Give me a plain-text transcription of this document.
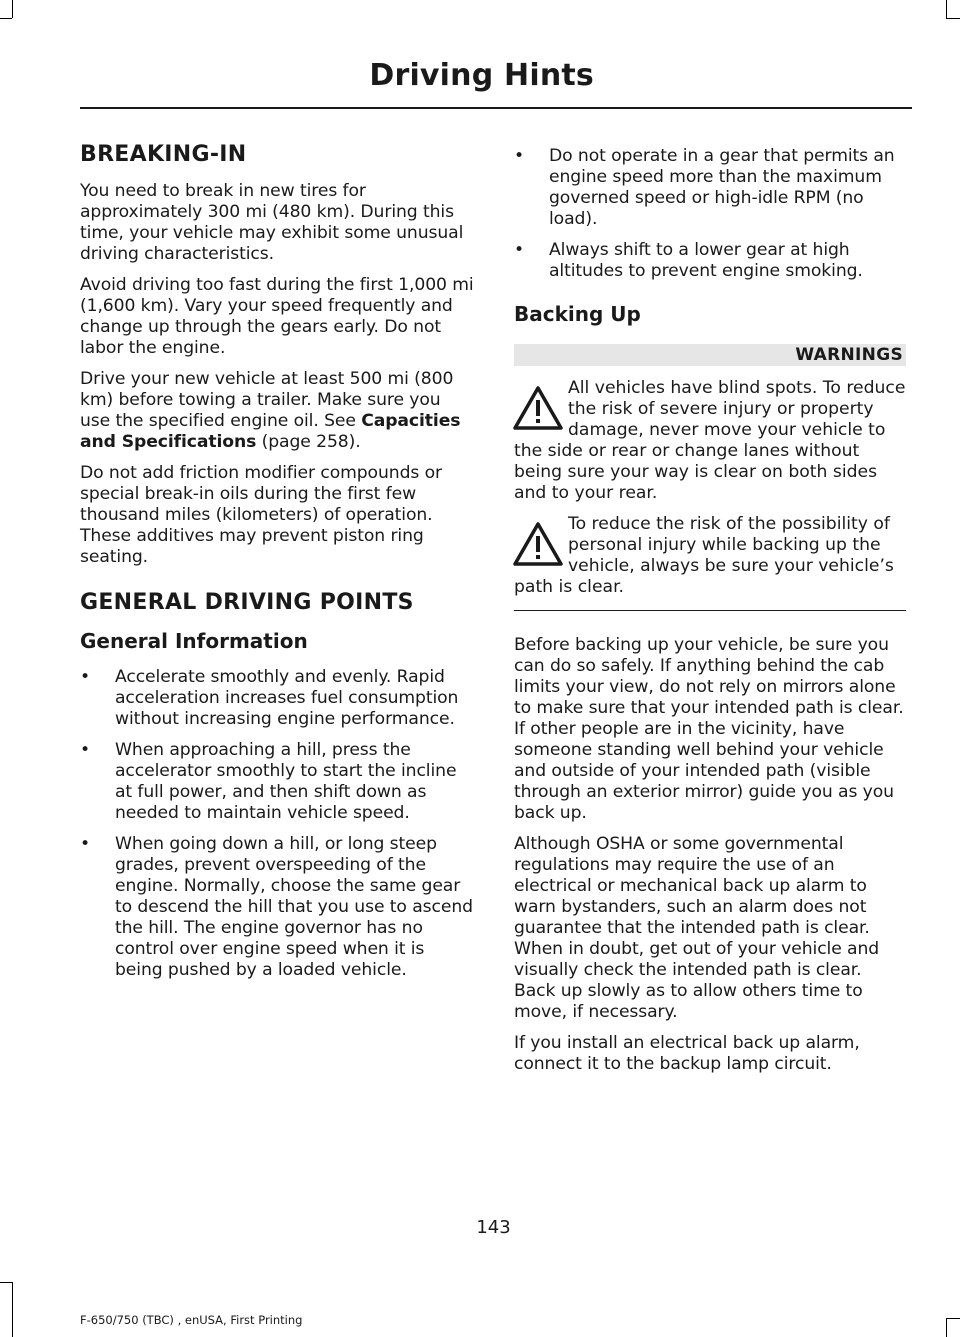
Driving Hints
BREAKING-IN

You need to break in new tires for approximately 300 mi (480 km). During this time, your vehicle may exhibit some unusual driving characteristics.

Avoid driving too fast during the first 1,000 mi (1,600 km). Vary your speed frequently and change up through the gears early. Do not labor the engine.

Drive your new vehicle at least 500 mi (800 km) before towing a trailer. Make sure you use the specified engine oil. See Capacities and Specifications (page 258).

Do not add friction modifier compounds or special break-in oils during the first few thousand miles (kilometers) of operation. These additives may prevent piston ring seating.

GENERAL DRIVING POINTS
General Information
• Accelerate smoothly and evenly. Rapid acceleration increases fuel consumption without increasing engine performance.
• When approaching a hill, press the accelerator smoothly to start the incline at full power, and then shift down as needed to maintain vehicle speed.
• When going down a hill, or long steep grades, prevent overspeeding of the engine. Normally, choose the same gear to descend the hill that you use to ascend the hill. The engine governor has no control over engine speed when it is being pushed by a loaded vehicle.
• Do not operate in a gear that permits an engine speed more than the maximum governed speed or high-idle RPM (no load).
• Always shift to a lower gear at high altitudes to prevent engine smoking.
Backing Up
WARNINGS
All vehicles have blind spots. To reduce the risk of severe injury or property damage, never move your vehicle to the side or rear or change lanes without being sure your way is clear on both sides and to your rear.
To reduce the risk of the possibility of personal injury while backing up the vehicle, always be sure your vehicle’s path is clear.

Before backing up your vehicle, be sure you can do so safely. If anything behind the cab limits your view, do not rely on mirrors alone to make sure that your intended path is clear. If other people are in the vicinity, have someone standing well behind your vehicle and outside of your intended path (visible through an exterior mirror) guide you as you back up.

Although OSHA or some governmental regulations may require the use of an electrical or mechanical back up alarm to warn bystanders, such an alarm does not guarantee that the intended path is clear. When in doubt, get out of your vehicle and visually check the intended path is clear. Back up slowly as to allow others time to move, if necessary.

If you install an electrical back up alarm, connect it to the backup lamp circuit.

143
F-650/750 (TBC) , enUSA, First Printing
